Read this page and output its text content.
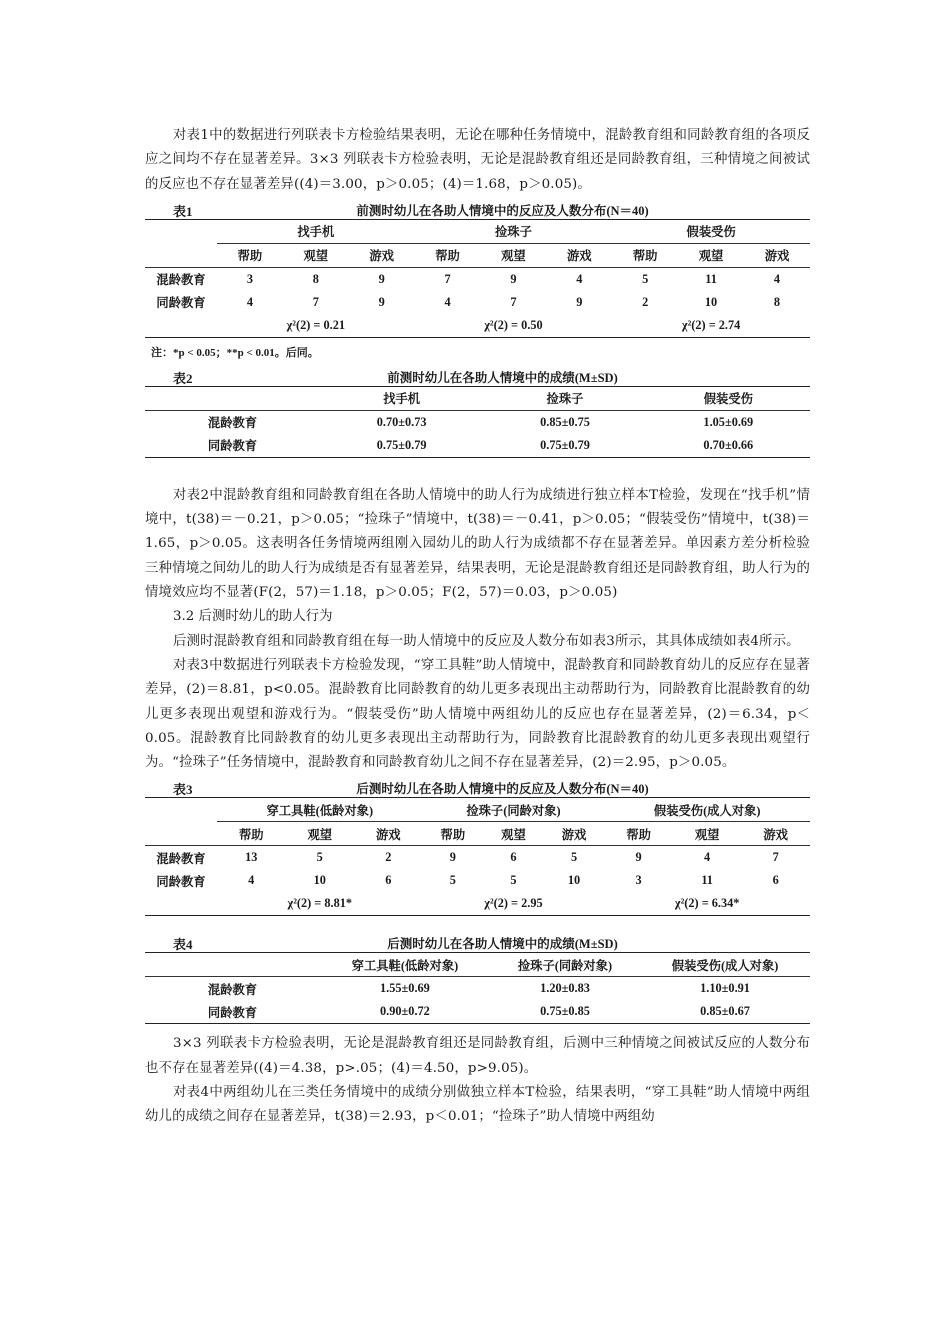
对表1中的数据进行列联表卡方检验结果表明，无论在哪种任务情境中，混龄教育组和同龄教育组的各项反应之间均不存在显著差异。3×3 列联表卡方检验表明，无论是混龄教育组还是同龄教育组，三种情境之间被试的反应也不存在显著差异((4)＝3.00，p＞0.05；(4)＝1.68，p＞0.05)。

表1	前测时幼儿在各助人情境中的反应及人数分布(N＝40)
	找手机			捡珠子			假装受伤		
	帮助	观望	游戏	帮助	观望	游戏	帮助	观望	游戏
混龄教育	3	8	9	7	9	4	5	11	4
同龄教育	4	7	9	4	7	9	2	10	8
	χ²(2) = 0.21			χ²(2) = 0.50			χ²(2) = 2.74		
注：*p < 0.05；**p < 0.01。后同。
表2	前测时幼儿在各助人情境中的成绩(M±SD)
	找手机	捡珠子	假装受伤
混龄教育	0.70±0.73	0.85±0.75	1.05±0.69
同龄教育	0.75±0.79	0.75±0.79	0.70±0.66

对表2中混龄教育组和同龄教育组在各助人情境中的助人行为成绩进行独立样本T检验，发现在“找手机”情境中，t(38)＝－0.21，p＞0.05；“捡珠子”情境中，t(38)＝－0.41，p＞0.05；“假装受伤”情境中，t(38)＝1.65，p＞0.05。这表明各任务情境两组刚入园幼儿的助人行为成绩都不存在显著差异。单因素方差分析检验三种情境之间幼儿的助人行为成绩是否有显著差异，结果表明，无论是混龄教育组还是同龄教育组，助人行为的情境效应均不显著(F(2，57)＝1.18，p＞0.05；F(2，57)＝0.03，p＞0.05)

3.2 后测时幼儿的助人行为

后测时混龄教育组和同龄教育组在每一助人情境中的反应及人数分布如表3所示，其具体成绩如表4所示。

对表3中数据进行列联表卡方检验发现，“穿工具鞋”助人情境中，混龄教育和同龄教育幼儿的反应存在显著差异，(2)＝8.81，p<0.05。混龄教育比同龄教育的幼儿更多表现出主动帮助行为，同龄教育比混龄教育的幼儿更多表现出观望和游戏行为。“假装受伤”助人情境中两组幼儿的反应也存在显著差异，(2)＝6.34，p＜0.05。混龄教育比同龄教育的幼儿更多表现出主动帮助行为，同龄教育比混龄教育的幼儿更多表现出观望行为。“捡珠子”任务情境中，混龄教育和同龄教育幼儿之间不存在显著差异，(2)＝2.95，p＞0.05。

表3	后测时幼儿在各助人情境中的反应及人数分布(N＝40)
	穿工具鞋(低龄对象)			捡珠子(同龄对象)			假装受伤(成人对象)		
	帮助	观望	游戏	帮助	观望	游戏	帮助	观望	游戏
混龄教育	13	5	2	9	6	5	9	4	7
同龄教育	4	10	6	5	5	10	3	11	6
	χ²(2) = 8.81*			χ²(2) = 2.95			χ²(2) = 6.34*		
表4	后测时幼儿在各助人情境中的成绩(M±SD)
	穿工具鞋(低龄对象)	捡珠子(同龄对象)	假装受伤(成人对象)
混龄教育	1.55±0.69	1.20±0.83	1.10±0.91
同龄教育	0.90±0.72	0.75±0.85	0.85±0.67

3×3 列联表卡方检验表明，无论是混龄教育组还是同龄教育组，后测中三种情境之间被试反应的人数分布也不存在显著差异((4)＝4.38，p>.05；(4)＝4.50，p>9.05)。

对表4中两组幼儿在三类任务情境中的成绩分别做独立样本T检验，结果表明，“穿工具鞋”助人情境中两组幼儿的成绩之间存在显著差异，t(38)＝2.93，p＜0.01；“捡珠子”助人情境中两组幼
